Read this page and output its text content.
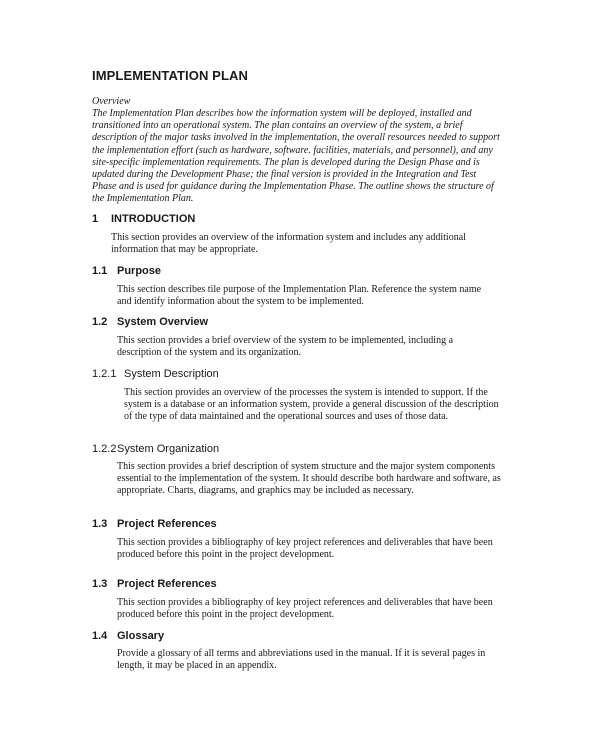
IMPLEMENTATION PLAN

Overview

The Implementation Plan describes how the information system will be deployed, installed and transitioned into an operational system. The plan contains an overview of the system, a brief description of the major tasks involved in the implementation, the overall resources needed to support the implementation effort (such as hardware, software. facilities, materials, and personnel), and any site-specific implementation requirements. The plan is developed during the Design Phase and is updated during the Development Phase; the final version is provided in the Integration and Test Phase and is used for guidance during the Implementation Phase. The outline shows the structure of the Implementation Plan.

1 INTRODUCTION

This section provides an overview of the information system and includes any additional information that may be appropriate.

1.1 Purpose

This section describes tile purpose of the Implementation Plan. Reference the system name and identify information about the system to be implemented.

1.2 System Overview

This section provides a brief overview of the system to be implemented, including a description of the system and its organization.

1.2.1 System Description

This section provides an overview of the processes the system is intended to support. If the system is a database or an information system, provide a general discussion of the description of the type of data maintained and the operational sources and uses of those data.

1.2.2System Organization

This section provides a brief description of system structure and the major system components essential to the implementation of the system. It should describe both hardware and software, as appropriate. Charts, diagrams, and graphics may be included as necessary.

1.3 Project References

This section provides a bibliography of key project references and deliverables that have been produced before this point in the project development.

1.3 Project References

This section provides a bibliography of key project references and deliverables that have been produced before this point in the project development.

1.4 Glossary

Provide a glossary of all terms and abbreviations used in the manual. If it is several pages in length, it may be placed in an appendix.
